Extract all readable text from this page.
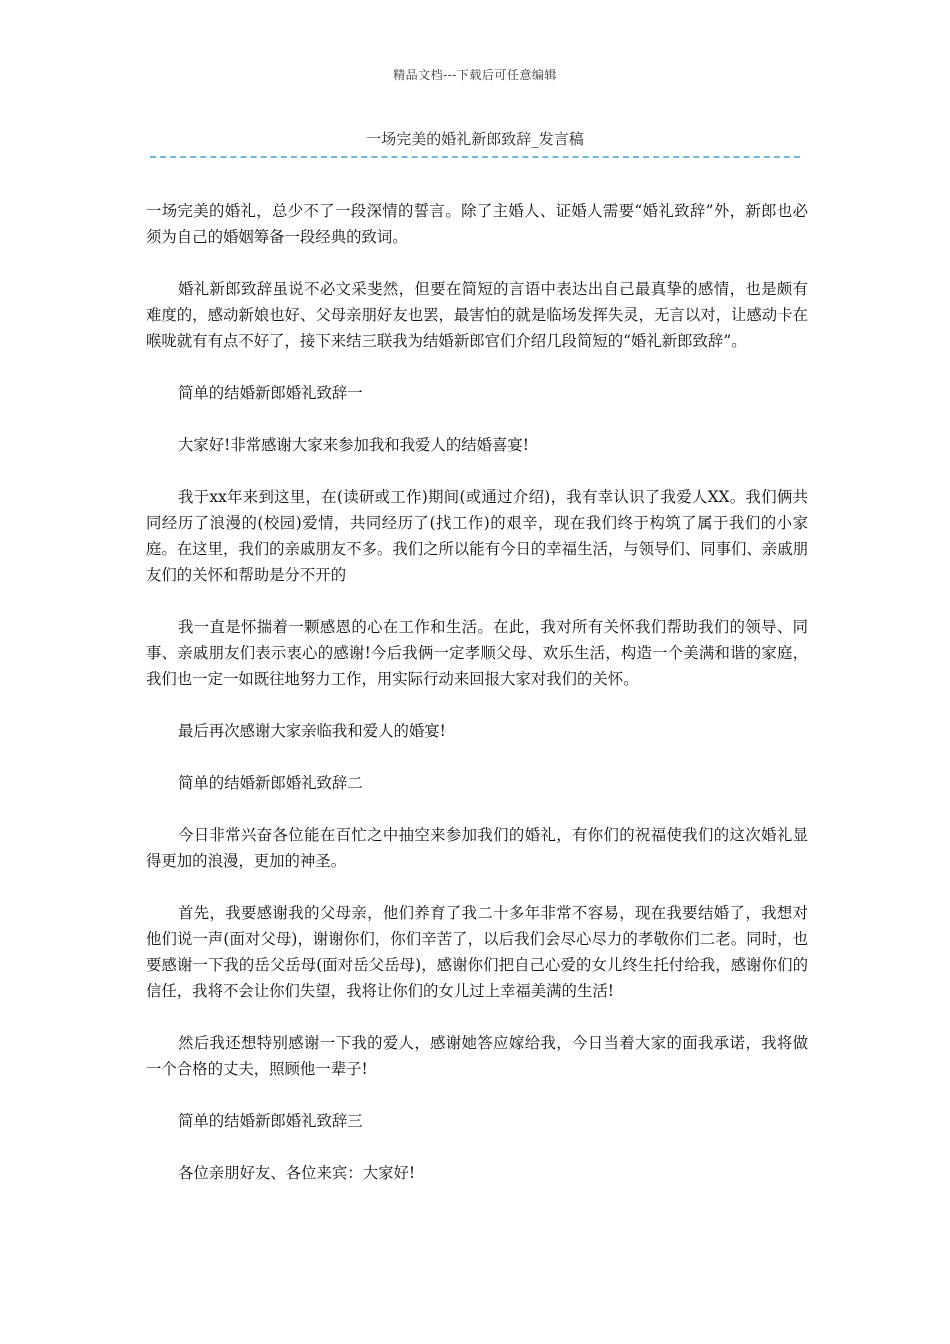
精品文档---下载后可任意编辑
一场完美的婚礼新郎致辞_发言稿

一场完美的婚礼，总少不了一段深情的誓言。除了主婚人、证婚人需要“婚礼致辞”外，新郎也必须为自己的婚姻筹备一段经典的致词。

婚礼新郎致辞虽说不必文采斐然，但要在简短的言语中表达出自己最真挚的感情，也是颇有难度的，感动新娘也好、父母亲朋好友也罢，最害怕的就是临场发挥失灵，无言以对，让感动卡在喉咙就有有点不好了，接下来结三联我为结婚新郎官们介绍几段简短的“婚礼新郎致辞”。

简单的结婚新郎婚礼致辞一

大家好!非常感谢大家来参加我和我爱人的结婚喜宴!

我于xx年来到这里，在(读研或工作)期间(或通过介绍)，我有幸认识了我爱人XX。我们俩共同经历了浪漫的(校园)爱情，共同经历了(找工作)的艰辛，现在我们终于构筑了属于我们的小家庭。在这里，我们的亲戚朋友不多。我们之所以能有今日的幸福生活，与领导们、同事们、亲戚朋友们的关怀和帮助是分不开的

我一直是怀揣着一颗感恩的心在工作和生活。在此，我对所有关怀我们帮助我们的领导、同事、亲戚朋友们表示衷心的感谢!今后我俩一定孝顺父母、欢乐生活，构造一个美满和谐的家庭，我们也一定一如既往地努力工作，用实际行动来回报大家对我们的关怀。

最后再次感谢大家亲临我和爱人的婚宴!

简单的结婚新郎婚礼致辞二

今日非常兴奋各位能在百忙之中抽空来参加我们的婚礼，有你们的祝福使我们的这次婚礼显得更加的浪漫，更加的神圣。

首先，我要感谢我的父母亲，他们养育了我二十多年非常不容易，现在我要结婚了，我想对他们说一声(面对父母)，谢谢你们，你们辛苦了，以后我们会尽心尽力的孝敬你们二老。同时，也要感谢一下我的岳父岳母(面对岳父岳母)，感谢你们把自己心爱的女儿终生托付给我，感谢你们的信任，我将不会让你们失望，我将让你们的女儿过上幸福美满的生活!

然后我还想特别感谢一下我的爱人，感谢她答应嫁给我，今日当着大家的面我承诺，我将做一个合格的丈夫，照顾他一辈子!

简单的结婚新郎婚礼致辞三

各位亲朋好友、各位来宾：大家好!
